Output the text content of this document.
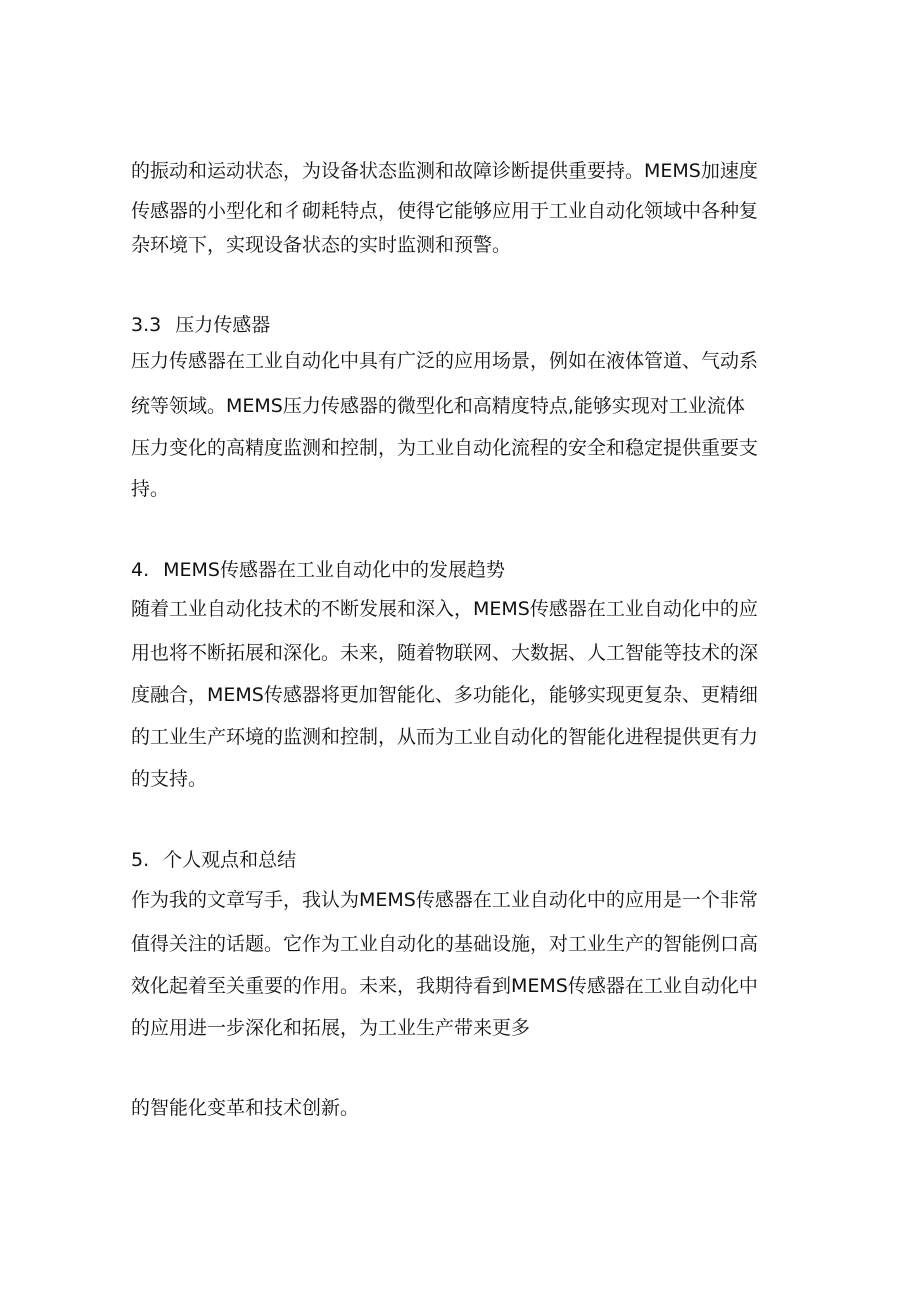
的振动和运动状态，为设备状态监测和故障诊断提供重要持。MEMS加速度
传感器的小型化和彳砌耗特点，使得它能够应用于工业自动化领域中各种复
杂环境下，实现设备状态的实时监测和预警。
3.3 压力传感器
压力传感器在工业自动化中具有广泛的应用场景，例如在液体管道、气动系
统等领域。MEMS压力传感器的微型化和高精度特点,能够实现对工业流体
压力变化的高精度监测和控制，为工业自动化流程的安全和稳定提供重要支
持。
4. MEMS传感器在工业自动化中的发展趋势
随着工业自动化技术的不断发展和深入，MEMS传感器在工业自动化中的应
用也将不断拓展和深化。未来，随着物联网、大数据、人工智能等技术的深
度融合，MEMS传感器将更加智能化、多功能化，能够实现更复杂、更精细
的工业生产环境的监测和控制，从而为工业自动化的智能化进程提供更有力
的支持。
5. 个人观点和总结
作为我的文章写手，我认为MEMS传感器在工业自动化中的应用是一个非常
值得关注的话题。它作为工业自动化的基础设施，对工业生产的智能例口高
效化起着至关重要的作用。未来，我期待看到MEMS传感器在工业自动化中
的应用进一步深化和拓展，为工业生产带来更多
的智能化变革和技术创新。
